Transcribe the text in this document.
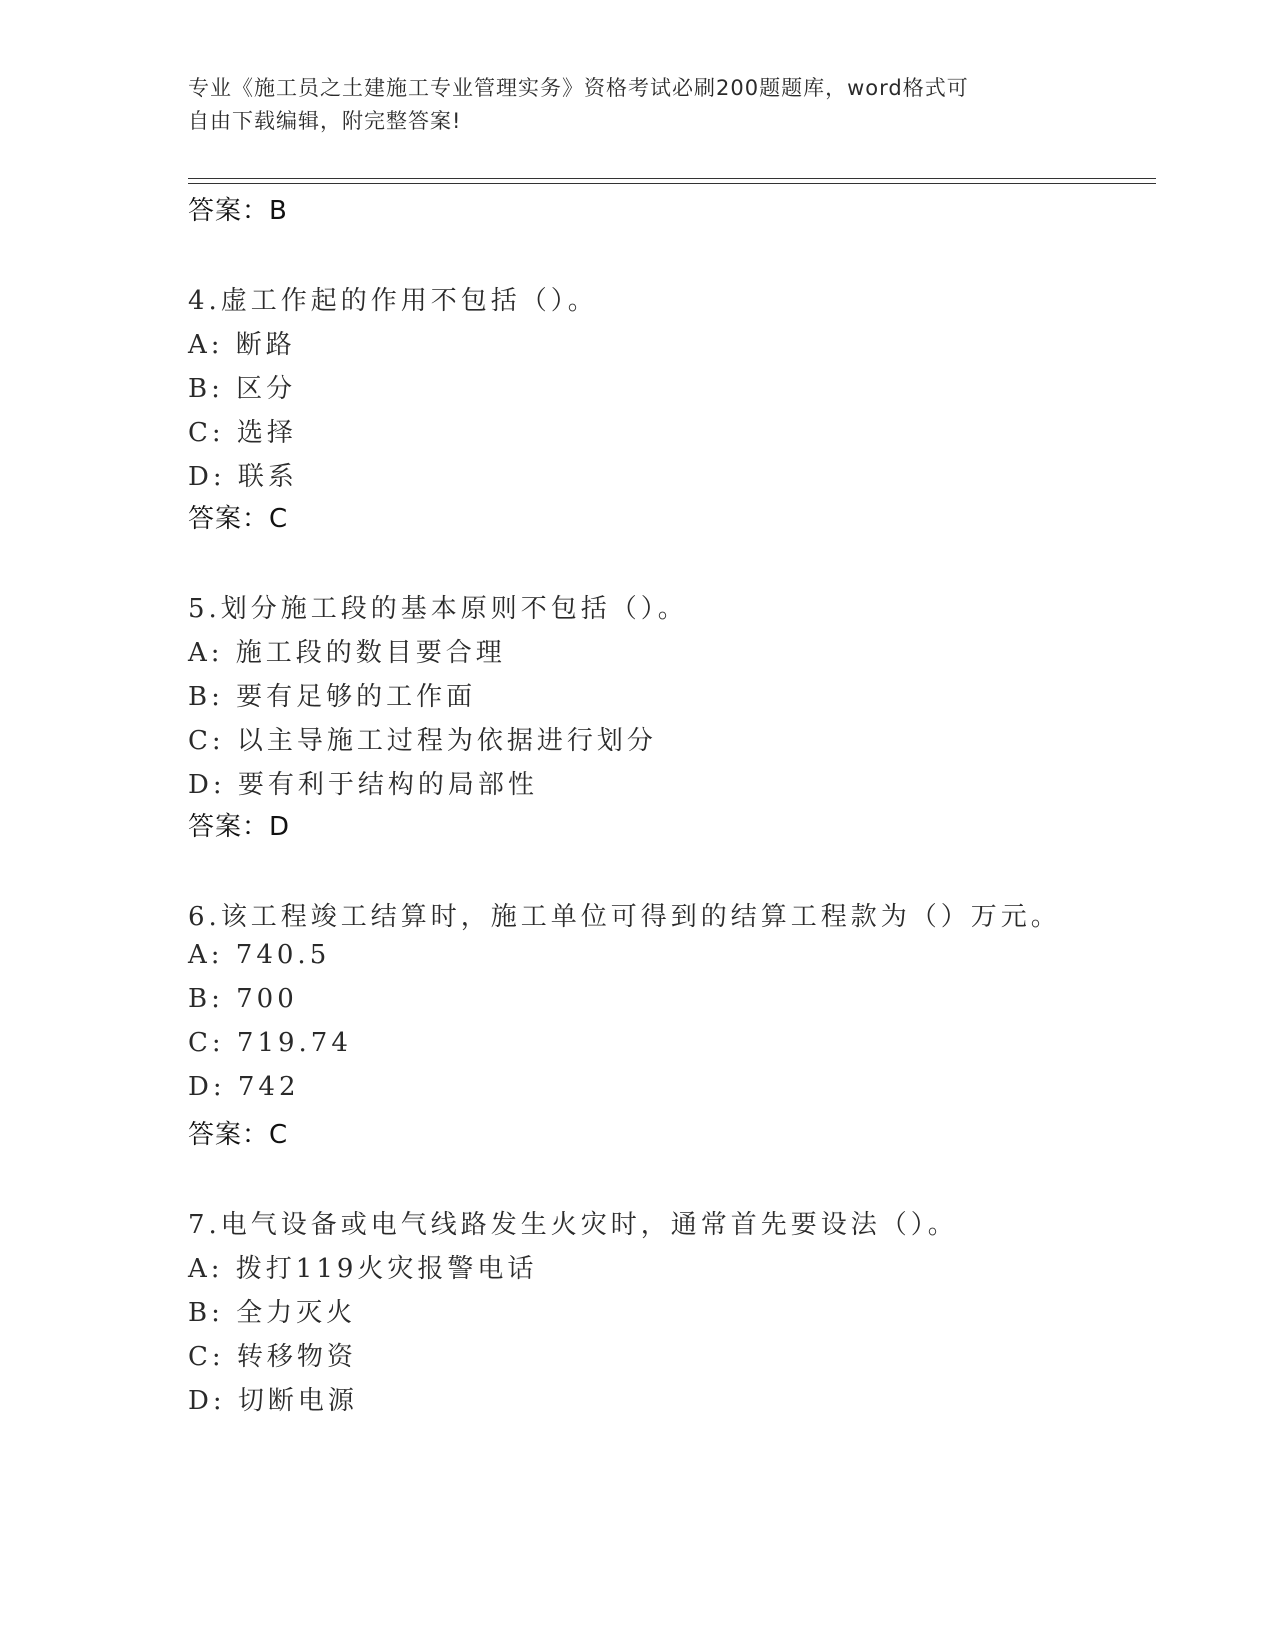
专业《施工员之土建施工专业管理实务》资格考试必刷200题题库，word格式可
自由下载编辑，附完整答案!
答案：B
4.虚工作起的作用不包括（）。
A: 断路
B: 区分
C: 选择
D: 联系
答案：C
5.划分施工段的基本原则不包括（）。
A: 施工段的数目要合理
B: 要有足够的工作面
C: 以主导施工过程为依据进行划分
D: 要有利于结构的局部性
答案：D
6.该工程竣工结算时，施工单位可得到的结算工程款为（）万元。
A: 740.5
B: 700
C: 719.74
D: 742
答案：C
7.电气设备或电气线路发生火灾时，通常首先要设法（）。
A: 拨打119火灾报警电话
B: 全力灭火
C: 转移物资
D: 切断电源
